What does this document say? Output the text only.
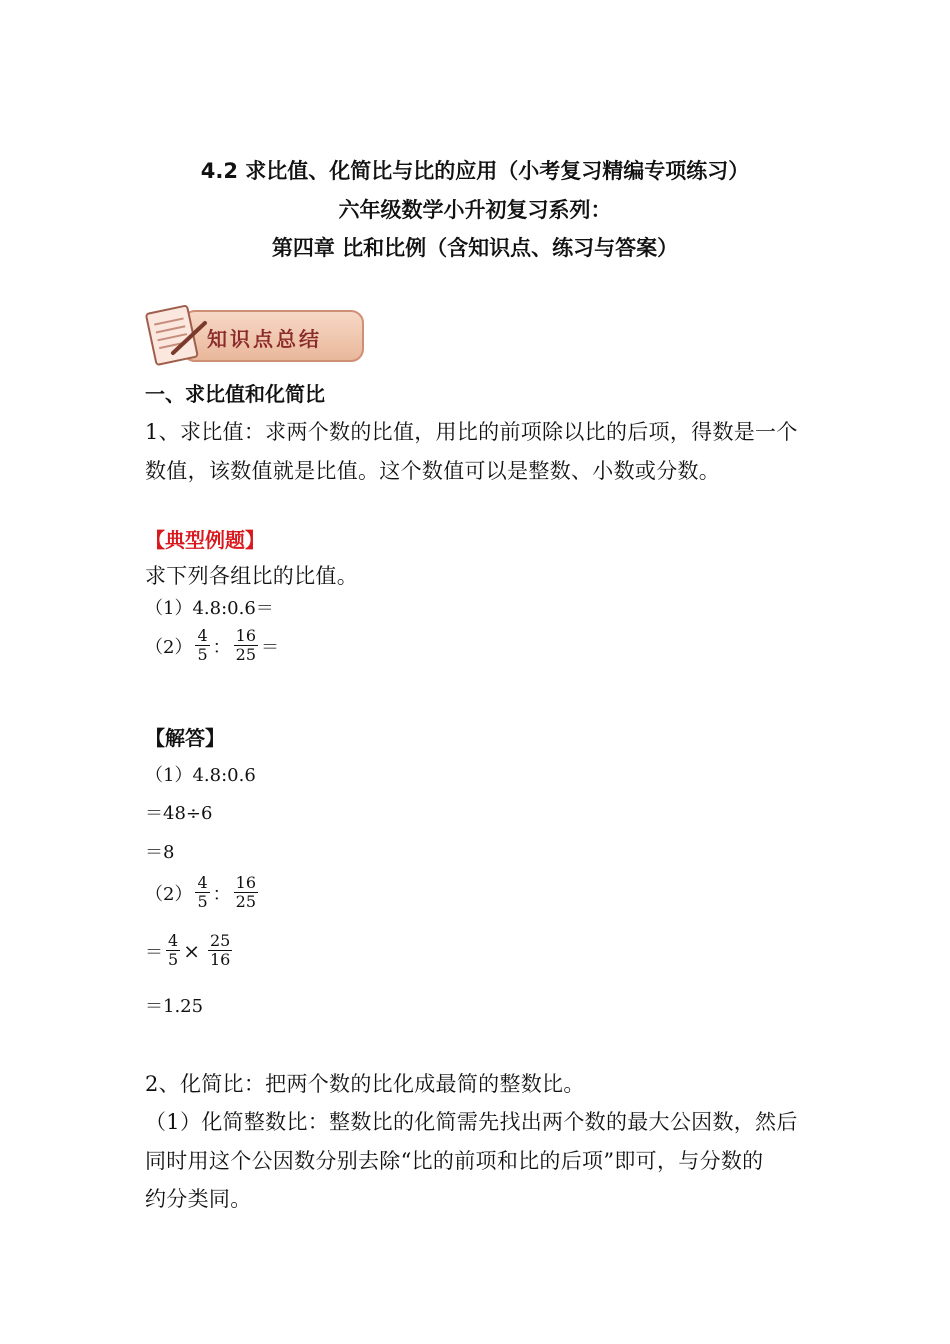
4.2 求比值、化简比与比的应用（小考复习精编专项练习）
六年级数学小升初复习系列：
第四章 比和比例（含知识点、练习与答案）
知识点总结
一、求比值和化简比
1、求比值：求两个数的比值，用比的前项除以比的后项，得数是一个
数值，该数值就是比值。这个数值可以是整数、小数或分数。
【典型例题】
求下列各组比的比值。
（1）4.8:0.6＝
$(2) \frac{4}{5}$ ： $\frac{16}{25}$ ＝
【解答】
（1）4.8:0.6
＝48÷6
＝8
$(2) \frac{4}{5}$ ： $\frac{16}{25}$
＝ $\frac{4}{5} \times \frac{25}{16}$
＝1.25
2、化简比：把两个数的比化成最简的整数比。
（1）化简整数比：整数比的化简需先找出两个数的最大公因数，然后
同时用这个公因数分别去除“比的前项和比的后项”即可，与分数的
约分类同。
